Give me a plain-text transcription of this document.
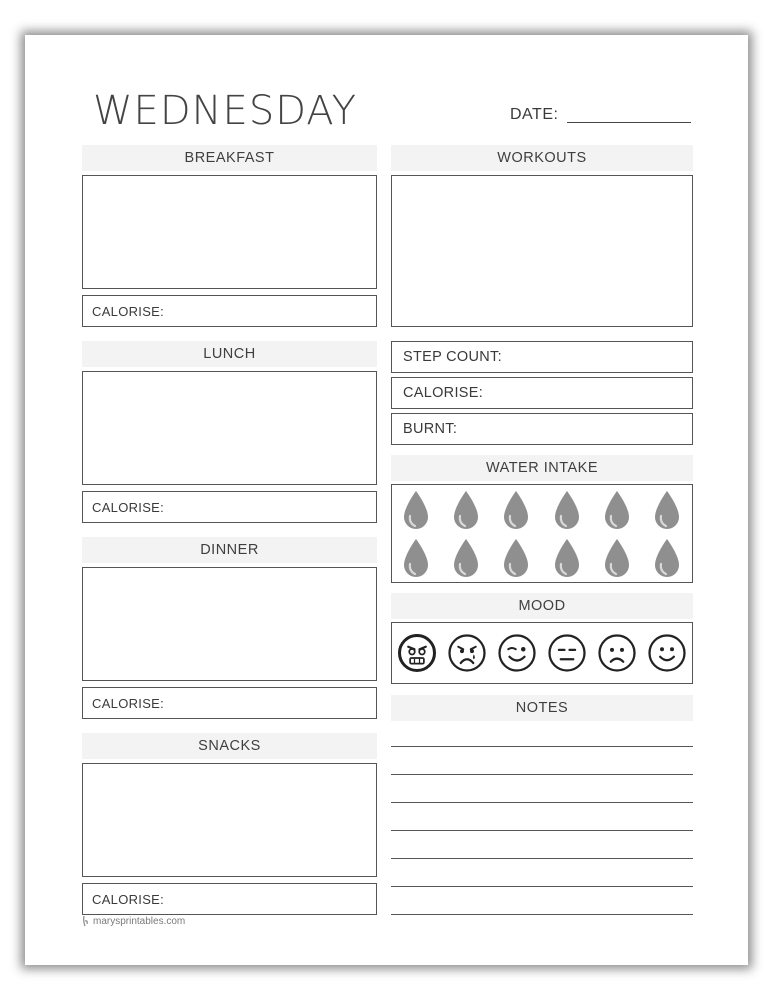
WEDNESDAY	DATE:
BREAKFAST
CALORISE:
LUNCH
CALORISE:
DINNER
CALORISE:
SNACKS
CALORISE:
WORKOUTS
STEP COUNT:
CALORISE:
BURNT:
WATER INTAKE
MOOD
NOTES
marysprintables.com
